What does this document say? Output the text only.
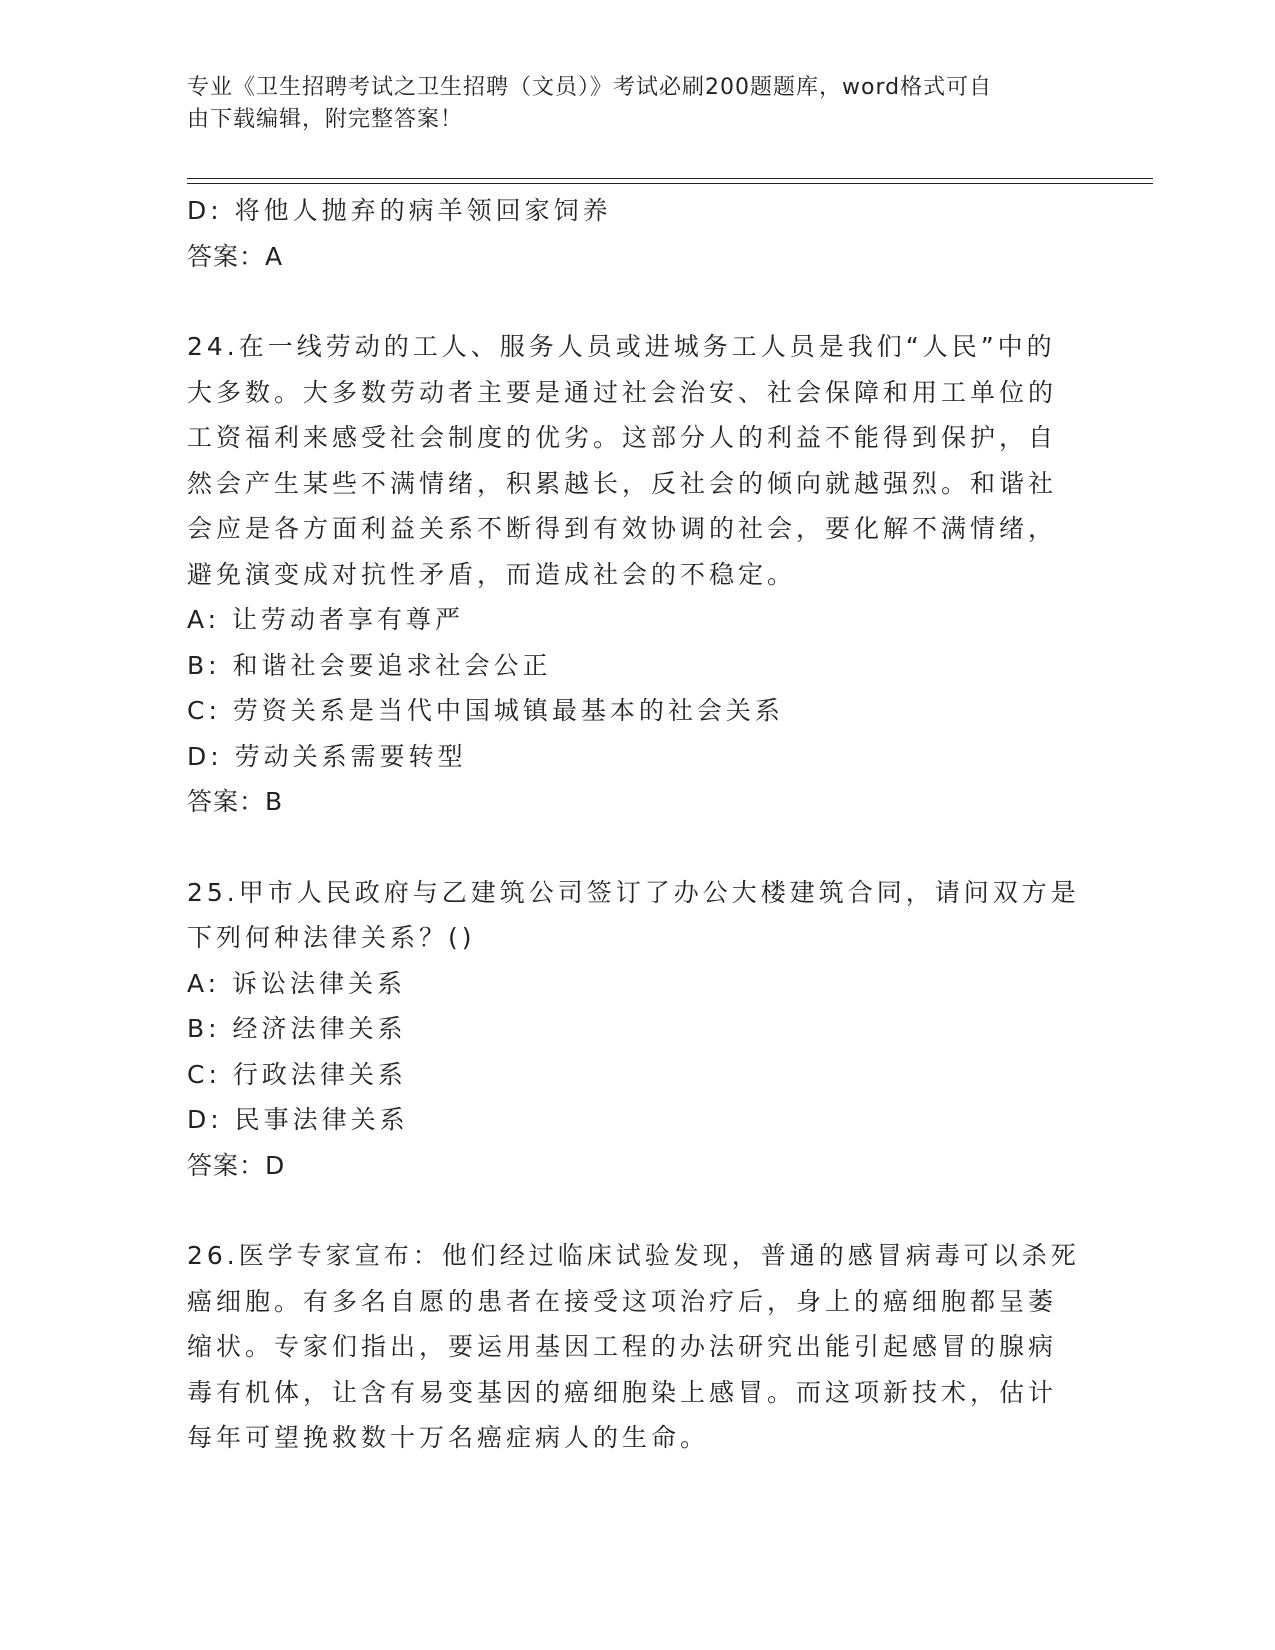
专业《卫生招聘考试之卫生招聘（文员）》考试必刷200题题库，word格式可自
由下载编辑，附完整答案！
D: 将他人抛弃的病羊领回家饲养
答案：A
24.在一线劳动的工人、服务人员或进城务工人员是我们“人民”中的
大多数。大多数劳动者主要是通过社会治安、社会保障和用工单位的
工资福利来感受社会制度的优劣。这部分人的利益不能得到保护，自
然会产生某些不满情绪，积累越长，反社会的倾向就越强烈。和谐社
会应是各方面利益关系不断得到有效协调的社会，要化解不满情绪，
避免演变成对抗性矛盾，而造成社会的不稳定。
A: 让劳动者享有尊严
B: 和谐社会要追求社会公正
C: 劳资关系是当代中国城镇最基本的社会关系
D: 劳动关系需要转型
答案：B
25.甲市人民政府与乙建筑公司签订了办公大楼建筑合同，请问双方是
下列何种法律关系？()
A: 诉讼法律关系
B: 经济法律关系
C: 行政法律关系
D: 民事法律关系
答案：D
26.医学专家宣布：他们经过临床试验发现，普通的感冒病毒可以杀死
癌细胞。有多名自愿的患者在接受这项治疗后，身上的癌细胞都呈萎
缩状。专家们指出，要运用基因工程的办法研究出能引起感冒的腺病
毒有机体，让含有易变基因的癌细胞染上感冒。而这项新技术，估计
每年可望挽救数十万名癌症病人的生命。
